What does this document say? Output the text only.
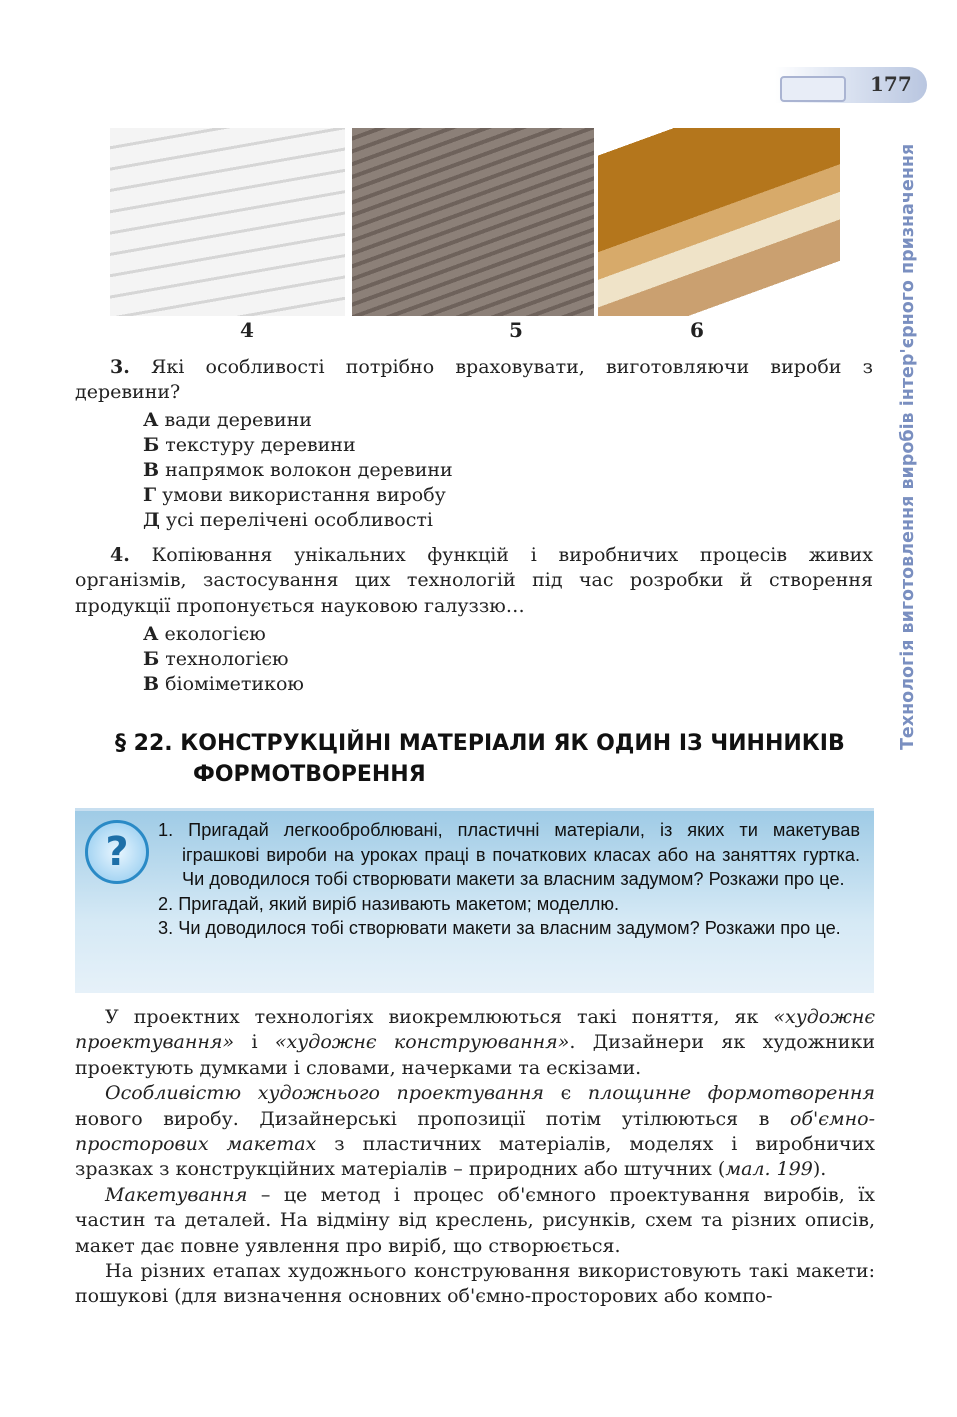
177
Технологія виготовлення виробів інтер'єрного призначення
4	5	6
3. Які особливості потрібно враховувати, виготовляючи вироби з деревини?
А вади деревини
Б текстуру деревини
В напрямок волокон деревини
Г умови використання виробу
Д усі перелічені особливості
4. Копіювання унікальних функцій і виробничих процесів живих організмів, застосування цих технологій під час розробки й створення продукції пропонується науковою галуззю…
А екологією
Б технологією
В біоміметикою
§ 22. КОНСТРУКЦІЙНІ МАТЕРІАЛИ ЯК ОДИН ІЗ ЧИННИКІВ
ФОРМОТВОРЕННЯ
?	1. Пригадай легкооброблювані, пластичні матеріали, із яких ти макетував іграшкові вироби на уроках праці в початкових класах або на заняттях гуртка. Чи доводилося тобі створювати макети за власним задумом? Розкажи про це.
2. Пригадай, який виріб називають макетом; моделлю.
3. Чи доводилося тобі створювати макети за власним задумом? Розкажи про це.

У проектних технологіях виокремлюються такі поняття, як «художнє проектування» і «художнє конструювання». Дизайнери як художники проектують думками і словами, начерками та ескізами.

Особливістю художнього проектування є площинне формотворення нового виробу. Дизайнерські пропозиції потім утілюються в об'ємно-просторових макетах з пластичних матеріалів, моделях і виробничих зразках з конструкційних матеріалів – природних або штучних (мал. 199).

Макетування – це метод і процес об'ємного проектування виробів, їх частин та деталей. На відміну від креслень, рисунків, схем та різних описів, макет дає повне уявлення про виріб, що створюється.

На різних етапах художнього конструювання використовують такі макети: пошукові (для визначення основних об'ємно-просторових або компо-
